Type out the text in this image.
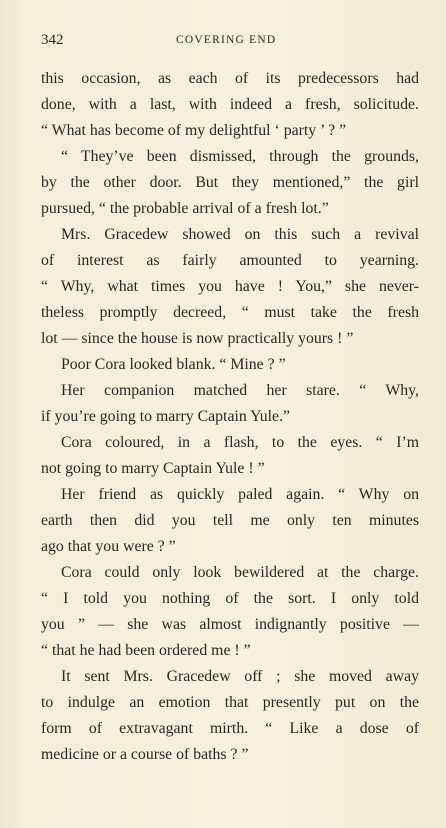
342	COVERING END
this occasion, as each of its predecessors had
done, with a last, with indeed a fresh, solicitude.
“ What has become of my delightful ‘ party ’ ? ”
“ They’ve been dismissed, through the grounds,
by the other door. But they mentioned,” the girl
pursued, “ the probable arrival of a fresh lot.”
Mrs. Gracedew showed on this such a revival
of interest as fairly amounted to yearning.
“ Why, what times you have ! You,” she never-
theless promptly decreed, “ must take the fresh
lot — since the house is now practically yours ! ”
Poor Cora looked blank. “ Mine ? ”
Her companion matched her stare. “ Why,
if you’re going to marry Captain Yule.”
Cora coloured, in a flash, to the eyes. “ I’m
not going to marry Captain Yule ! ”
Her friend as quickly paled again. “ Why on
earth then did you tell me only ten minutes
ago that you were ? ”
Cora could only look bewildered at the charge.
“ I told you nothing of the sort. I only told
you ” — she was almost indignantly positive —
“ that he had been ordered me ! ”
It sent Mrs. Gracedew off ; she moved away
to indulge an emotion that presently put on the
form of extravagant mirth. “ Like a dose of
medicine or a course of baths ? ”
